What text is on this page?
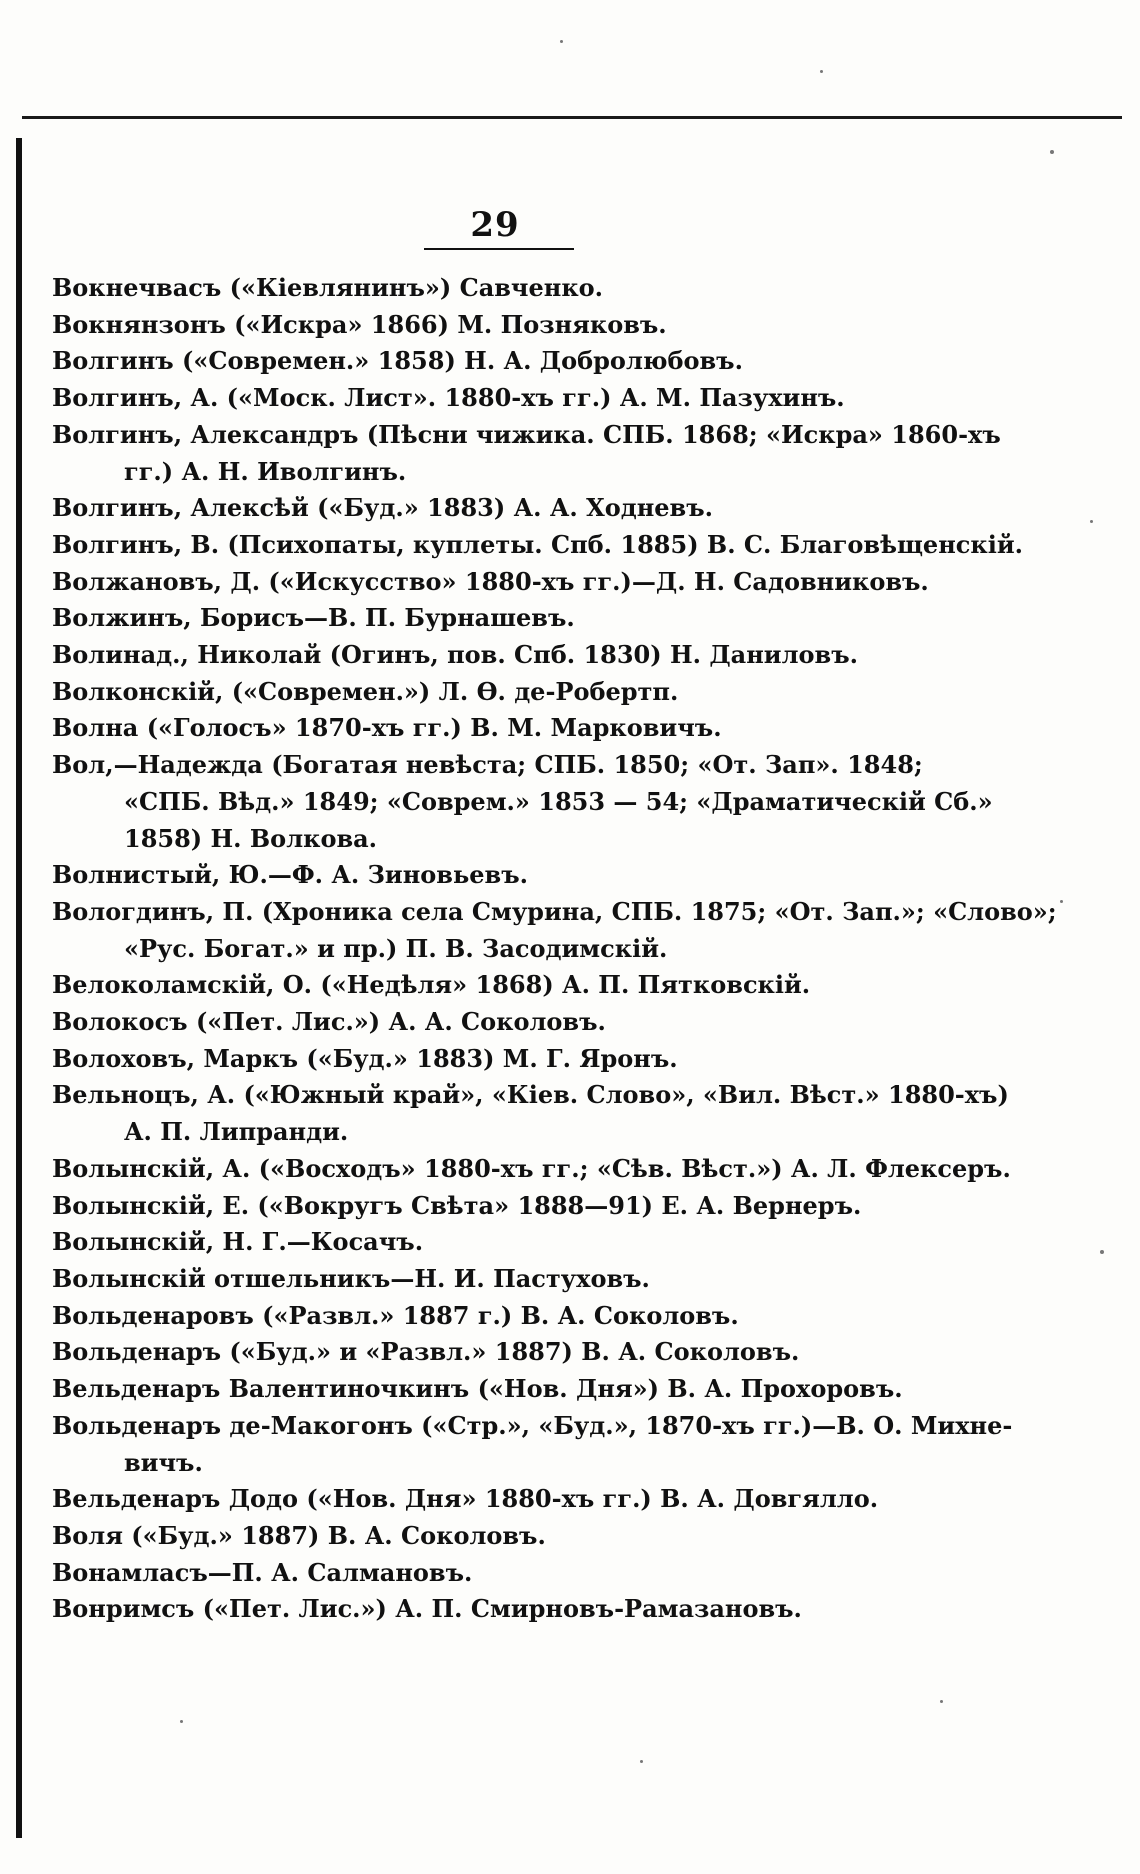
29
Вокнечвасъ («Кіевлянинъ») Савченко.
Вокнянзонъ («Искра» 1866) М. Позняковъ.
Волгинъ («Современ.» 1858) Н. А. Добролюбовъ.
Волгинъ, А. («Моск. Лист». 1880-хъ гг.) А. М. Пазухинъ.
Волгинъ, Александръ (Пѣсни чижика. СПБ. 1868; «Искра» 1860-хъ
гг.) А. Н. Иволгинъ.
Волгинъ, Алексѣй («Буд.» 1883) А. А. Ходневъ.
Волгинъ, В. (Психопаты, куплеты. Спб. 1885) В. С. Благовѣщенскій.
Волжановъ, Д. («Искусство» 1880-хъ гг.)—Д. Н. Садовниковъ.
Волжинъ, Борисъ—В. П. Бурнашевъ.
Волинад., Николай (Огинъ, пов. Спб. 1830) Н. Даниловъ.
Волконскій, («Современ.») Л. Ѳ. де-Робертп.
Волна («Голосъ» 1870-хъ гг.) В. М. Марковичъ.
Вол,—Надежда (Богатая невѣста; СПБ. 1850; «От. Зап». 1848;
«СПБ. Вѣд.» 1849; «Соврем.» 1853 — 54; «Драматическій Сб.»
1858) Н. Волкова.
Волнистый, Ю.—Ф. А. Зиновьевъ.
Вологдинъ, П. (Хроника села Смурина, СПБ. 1875; «От. Зап.»; «Слово»;
«Рус. Богат.» и пр.) П. В. Засодимскій.
Велоколамскій, О. («Недѣля» 1868) А. П. Пятковскій.
Волокосъ («Пет. Лис.») А. А. Соколовъ.
Волоховъ, Маркъ («Буд.» 1883) М. Г. Яронъ.
Вельноцъ, А. («Южный край», «Кіев. Слово», «Вил. Вѣст.» 1880-хъ)
А. П. Липранди.
Волынскій, А. («Восходъ» 1880-хъ гг.; «Сѣв. Вѣст.») А. Л. Флексеръ.
Волынскій, Е. («Вокругъ Свѣта» 1888—91) Е. А. Вернеръ.
Волынскій, Н. Г.—Косачъ.
Волынскій отшельникъ—Н. И. Пастуховъ.
Вольденаровъ («Развл.» 1887 г.) В. А. Соколовъ.
Вольденаръ («Буд.» и «Развл.» 1887) В. А. Соколовъ.
Вельденаръ Валентиночкинъ («Нов. Дня») В. А. Прохоровъ.
Вольденаръ де-Макогонъ («Стр.», «Буд.», 1870-хъ гг.)—В. О. Михне-
вичъ.
Вельденаръ Додо («Нов. Дня» 1880-хъ гг.) В. А. Довгялло.
Воля («Буд.» 1887) В. А. Соколовъ.
Вонамласъ—П. А. Салмановъ.
Вонримсъ («Пет. Лис.») А. П. Смирновъ-Рамазановъ.
